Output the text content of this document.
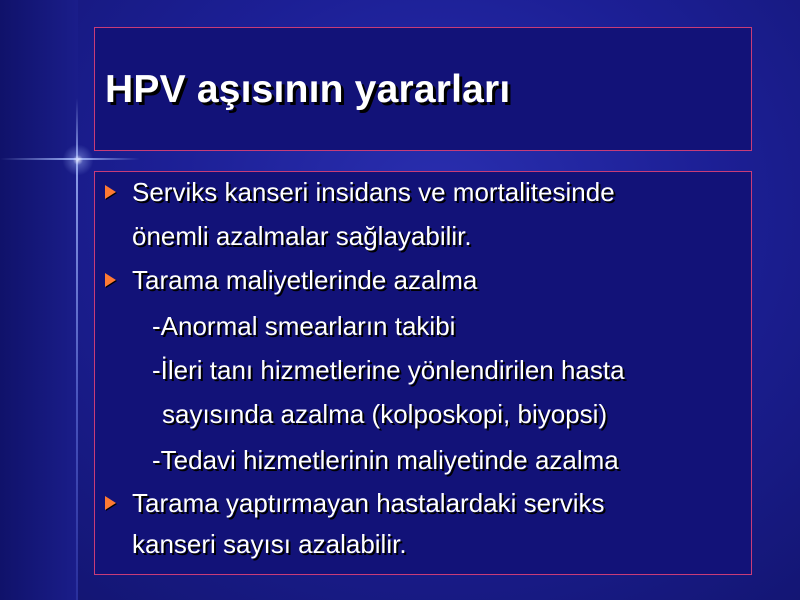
HPV aşısının yararları
Serviks kanseri insidans ve mortalitesinde
önemli azalmalar sağlayabilir.
Tarama maliyetlerinde azalma
-Anormal smearların takibi
-İleri tanı hizmetlerine yönlendirilen hasta
sayısında azalma (kolposkopi, biyopsi)
-Tedavi hizmetlerinin maliyetinde azalma
Tarama yaptırmayan hastalardaki serviks
kanseri sayısı azalabilir.
